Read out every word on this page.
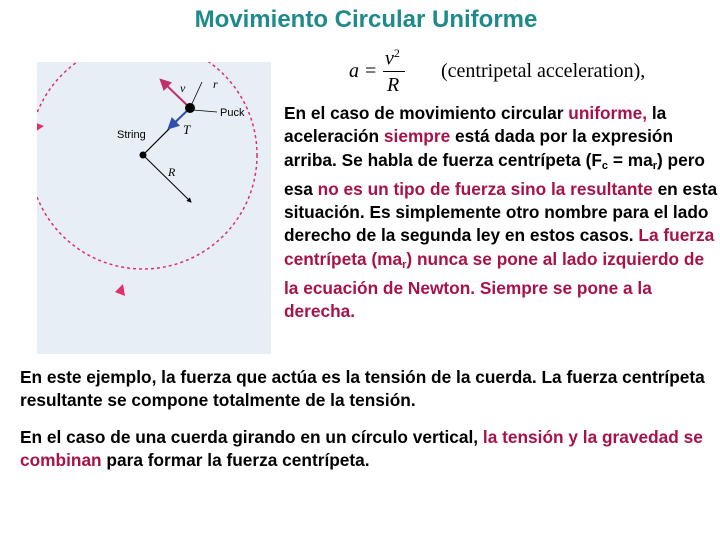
Movimiento Circular Uniforme
v r
Puck
String	T
R
a =
$v^2$
R
(centripetal acceleration),
En el caso de movimiento circular uniforme, la aceleración siempre está dada por la expresión arriba. Se habla de fuerza centrípeta $(F_c = ma_r)$ pero esa no es un tipo de fuerza sino la resultante en esta situación. Es simplemente otro nombre para el lado derecho de la segunda ley en estos casos. La fuerza centrípeta $(ma_r)$ nunca se pone al lado izquierdo de la ecuación de Newton. Siempre se pone a la derecha.
En este ejemplo, la fuerza que actúa es la tensión de la cuerda. La fuerza centrípeta resultante se compone totalmente de la tensión.
En el caso de una cuerda girando en un círculo vertical, la tensión y la gravedad se combinan para formar la fuerza centrípeta.
